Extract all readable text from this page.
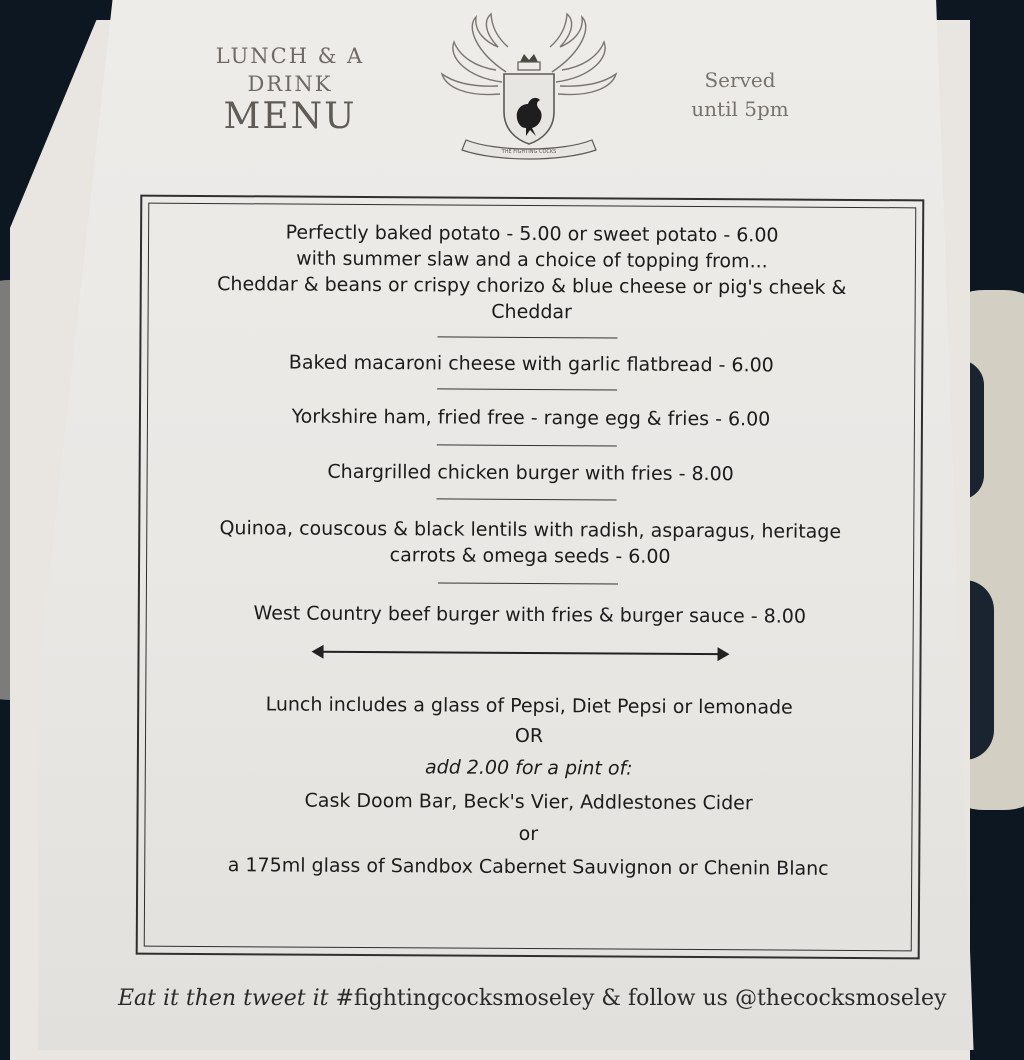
LUNCH & A
DRINK
MENU
THE FIGHTING COCKS
Served
until 5pm
Perfectly baked potato - 5.00 or sweet potato - 6.00
with summer slaw and a choice of topping from...
Cheddar & beans or crispy chorizo & blue cheese or pig's cheek &
Cheddar
Baked macaroni cheese with garlic flatbread - 6.00
Yorkshire ham, fried free - range egg & fries - 6.00
Chargrilled chicken burger with fries - 8.00
Quinoa, couscous & black lentils with radish, asparagus, heritage
carrots & omega seeds - 6.00
West Country beef burger with fries & burger sauce - 8.00
Lunch includes a glass of Pepsi, Diet Pepsi or lemonade
OR
add 2.00 for a pint of:
Cask Doom Bar, Beck's Vier, Addlestones Cider
or
a 175ml glass of Sandbox Cabernet Sauvignon or Chenin Blanc
Eat it then tweet it #fightingcocksmoseley & follow us @thecocksmoseley
